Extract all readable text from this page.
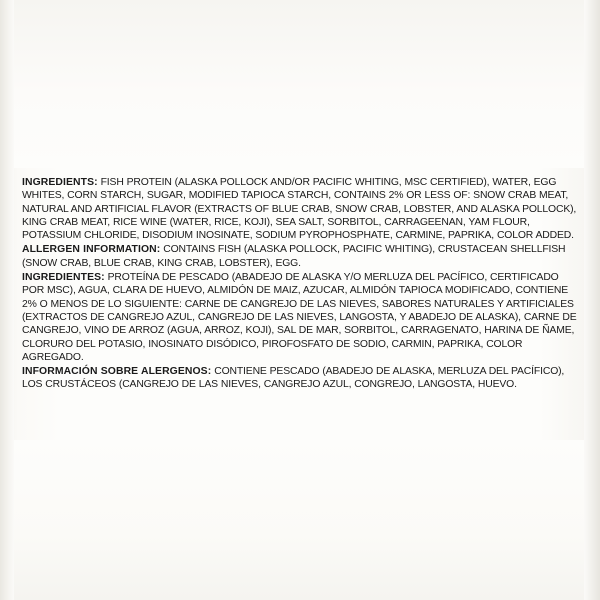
INGREDIENTS: FISH PROTEIN (ALASKA POLLOCK AND/OR PACIFIC WHITING, MSC CERTIFIED), WATER, EGG WHITES, CORN STARCH, SUGAR, MODIFIED TAPIOCA STARCH, CONTAINS 2% OR LESS OF: SNOW CRAB MEAT, NATURAL AND ARTIFICIAL FLAVOR (EXTRACTS OF BLUE CRAB, SNOW CRAB, LOBSTER, AND ALASKA POLLOCK), KING CRAB MEAT, RICE WINE (WATER, RICE, KOJI), SEA SALT, SORBITOL, CARRAGEENAN, YAM FLOUR, POTASSIUM CHLORIDE, DISODIUM INOSINATE, SODIUM PYROPHOSPHATE, CARMINE, PAPRIKA, COLOR ADDED.

ALLERGEN INFORMATION: CONTAINS FISH (ALASKA POLLOCK, PACIFIC WHITING), CRUSTACEAN SHELLFISH (SNOW CRAB, BLUE CRAB, KING CRAB, LOBSTER), EGG.

INGREDIENTES: PROTEÍNA DE PESCADO (ABADEJO DE ALASKA Y/O MERLUZA DEL PACÍFICO, CERTIFICADO POR MSC), AGUA, CLARA DE HUEVO, ALMIDÓN DE MAIZ, AZUCAR, ALMIDÓN TAPIOCA MODIFICADO, CONTIENE 2% O MENOS DE LO SIGUIENTE: CARNE DE CANGREJO DE LAS NIEVES, SABORES NATURALES Y ARTIFICIALES (EXTRACTOS DE CANGREJO AZUL, CANGREJO DE LAS NIEVES, LANGOSTA, Y ABADEJO DE ALASKA), CARNE DE CANGREJO, VINO DE ARROZ (AGUA, ARROZ, KOJI), SAL DE MAR, SORBITOL, CARRAGENATO, HARINA DE ÑAME, CLORURO DEL POTASIO, INOSINATO DISÓDICO, PIROFOSFATO DE SODIO, CARMIN, PAPRIKA, COLOR AGREGADO.

INFORMACIÓN SOBRE ALERGENOS: CONTIENE PESCADO (ABADEJO DE ALASKA, MERLUZA DEL PACÍFICO), LOS CRUSTÁCEOS (CANGREJO DE LAS NIEVES, CANGREJO AZUL, CONGREJO, LANGOSTA, HUEVO.
